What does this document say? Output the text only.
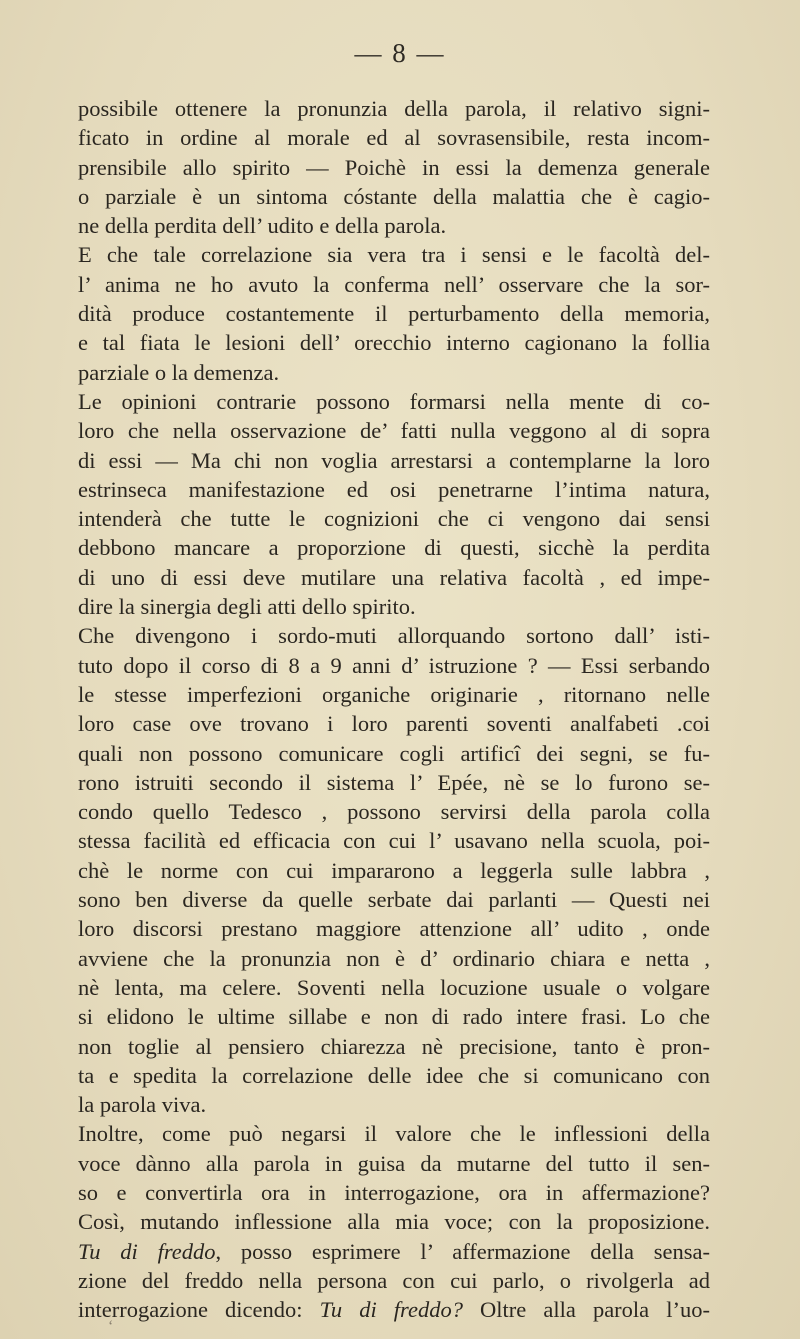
— 8 —
possibile ottenere la pronunzia della parola, il relativo signi-
ficato in ordine al morale ed al sovrasensibile, resta incom-
prensibile allo spirito — Poichè in essi la demenza generale
o parziale è un sintoma cóstante della malattia che è cagio-
ne della perdita dell’ udito e della parola.
E che tale correlazione sia vera tra i sensi e le facoltà del-
l’ anima ne ho avuto la conferma nell’ osservare che la sor-
dità produce costantemente il perturbamento della memoria,
e tal fiata le lesioni dell’ orecchio interno cagionano la follia
parziale o la demenza.
Le opinioni contrarie possono formarsi nella mente di co-
loro che nella osservazione de’ fatti nulla veggono al di sopra
di essi — Ma chi non voglia arrestarsi a contemplarne la loro
estrinseca manifestazione ed osi penetrarne l’intima natura,
intenderà che tutte le cognizioni che ci vengono dai sensi
debbono mancare a proporzione di questi, sicchè la perdita
di uno di essi deve mutilare una relativa facoltà , ed impe-
dire la sinergia degli atti dello spirito.
Che divengono i sordo-muti allorquando sortono dall’ isti-
tuto dopo il corso di 8 a 9 anni d’ istruzione ? — Essi serbando
le stesse imperfezioni organiche originarie , ritornano nelle
loro case ove trovano i loro parenti soventi analfabeti .coi
quali non possono comunicare cogli artificî dei segni, se fu-
rono istruiti secondo il sistema l’ Epée, nè se lo furono se-
condo quello Tedesco , possono servirsi della parola colla
stessa facilità ed efficacia con cui l’ usavano nella scuola, poi-
chè le norme con cui impararono a leggerla sulle labbra ,
sono ben diverse da quelle serbate dai parlanti — Questi nei
loro discorsi prestano maggiore attenzione all’ udito , onde
avviene che la pronunzia non è d’ ordinario chiara e netta ,
nè lenta, ma celere. Soventi nella locuzione usuale o volgare
si elidono le ultime sillabe e non di rado intere frasi. Lo che
non toglie al pensiero chiarezza nè precisione, tanto è pron-
ta e spedita la correlazione delle idee che si comunicano con
la parola viva.
Inoltre, come può negarsi il valore che le inflessioni della
voce dànno alla parola in guisa da mutarne del tutto il sen-
so e convertirla ora in interrogazione, ora in affermazione?
Così, mutando inflessione alla mia voce; con la proposizione.
Tu di freddo, posso esprimere l’ affermazione della sensa-
zione del freddo nella persona con cui parlo, o rivolgerla ad
interrogazione dicendo: Tu di freddo? Oltre alla parola l’uo-
ʻ
